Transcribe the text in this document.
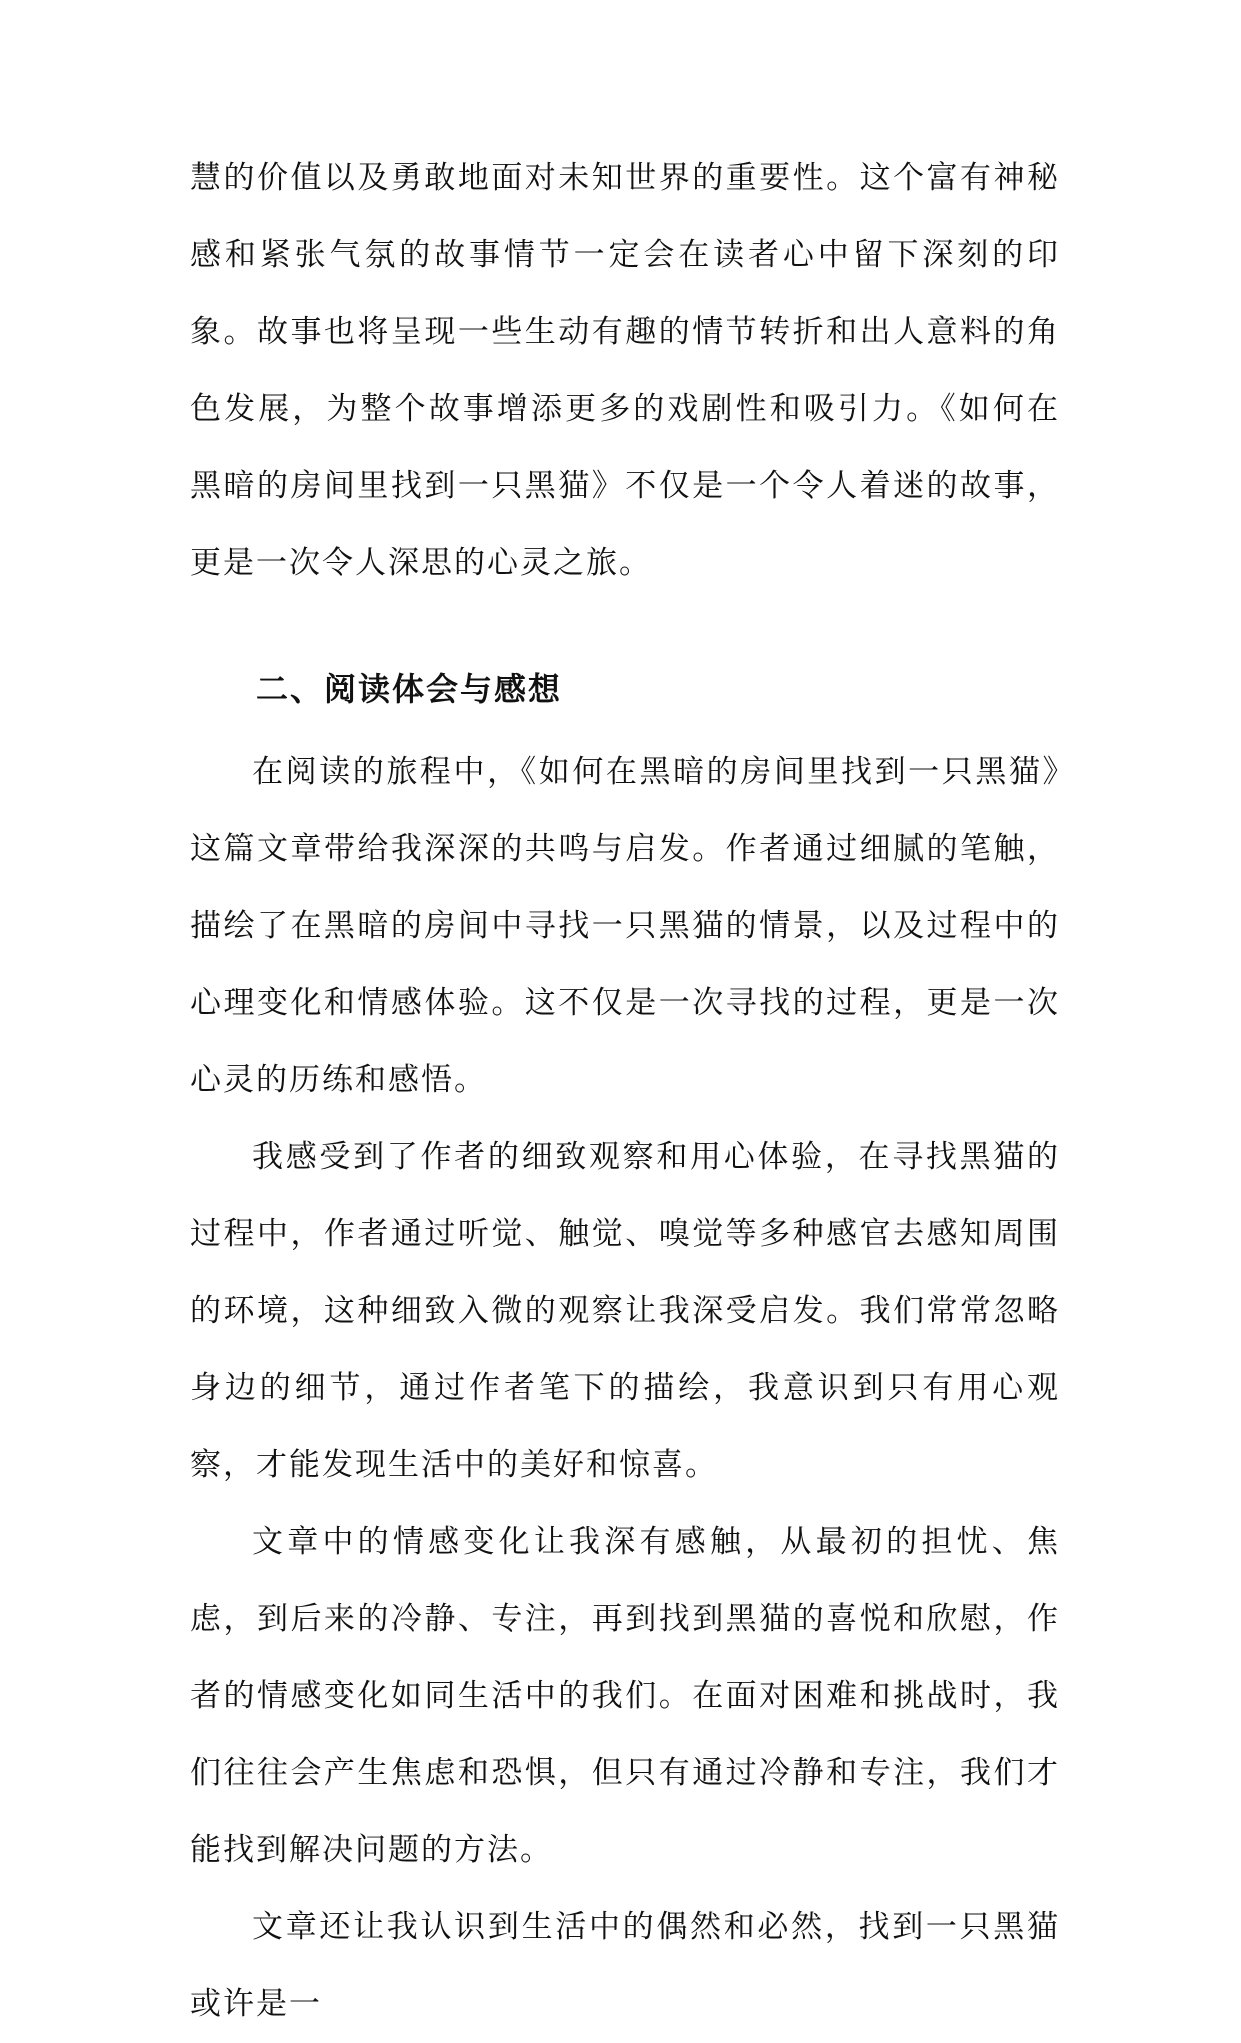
慧的价值以及勇敢地面对未知世界的重要性。这个富有神秘感和紧张气氛的故事情节一定会在读者心中留下深刻的印象。故事也将呈现一些生动有趣的情节转折和出人意料的角色发展，为整个故事增添更多的戏剧性和吸引力。《如何在黑暗的房间里找到一只黑猫》不仅是一个令人着迷的故事，更是一次令人深思的心灵之旅。

二、阅读体会与感想

在阅读的旅程中，《如何在黑暗的房间里找到一只黑猫》这篇文章带给我深深的共鸣与启发。作者通过细腻的笔触，描绘了在黑暗的房间中寻找一只黑猫的情景，以及过程中的心理变化和情感体验。这不仅是一次寻找的过程，更是一次心灵的历练和感悟。

我感受到了作者的细致观察和用心体验，在寻找黑猫的过程中，作者通过听觉、触觉、嗅觉等多种感官去感知周围的环境，这种细致入微的观察让我深受启发。我们常常忽略身边的细节，通过作者笔下的描绘，我意识到只有用心观察，才能发现生活中的美好和惊喜。

文章中的情感变化让我深有感触，从最初的担忧、焦虑，到后来的冷静、专注，再到找到黑猫的喜悦和欣慰，作者的情感变化如同生活中的我们。在面对困难和挑战时，我们往往会产生焦虑和恐惧，但只有通过冷静和专注，我们才能找到解决问题的方法。

文章还让我认识到生活中的偶然和必然，找到一只黑猫或许是一
